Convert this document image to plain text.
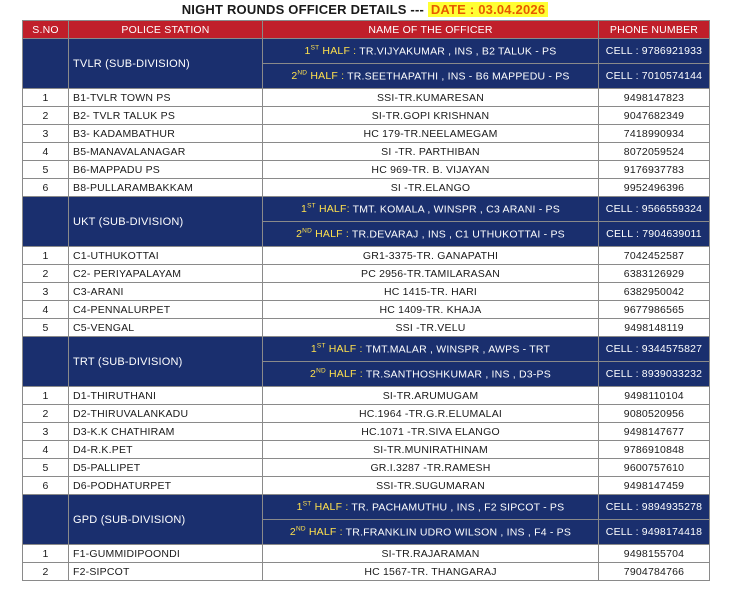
NIGHT ROUNDS OFFICER DETAILS --- DATE : 03.04.2026
S.NO	POLICE STATION	NAME OF THE OFFICER	PHONE NUMBER
	TVLR (SUB-DIVISION)	1ST HALF : TR.VIJYAKUMAR , INS , B2 TALUK - PS	CELL : 9786921933
		2ND HALF : TR.SEETHAPATHI , INS - B6 MAPPEDU - PS	CELL : 7010574144
1	B1-TVLR TOWN PS	SSI-TR.KUMARESAN	9498147823
2	B2- TVLR TALUK PS	SI-TR.GOPI KRISHNAN	9047682349
3	B3- KADAMBATHUR	HC 179-TR.NEELAMEGAM	7418990934
4	B5-MANAVALANAGAR	SI -TR. PARTHIBAN	8072059524
5	B6-MAPPADU PS	HC 969-TR. B. VIJAYAN	9176937783
6	B8-PULLARAMBAKKAM	SI -TR.ELANGO	9952496396
	UKT (SUB-DIVISION)	1ST HALF: TMT. KOMALA , WINSPR , C3 ARANI - PS	CELL : 9566559324
		2ND HALF : TR.DEVARAJ , INS , C1 UTHUKOTTAI - PS	CELL : 7904639011
1	C1-UTHUKOTTAI	GR1-3375-TR. GANAPATHI	7042452587
2	C2- PERIYAPALAYAM	PC 2956-TR.TAMILARASAN	6383126929
3	C3-ARANI	HC 1415-TR. HARI	6382950042
4	C4-PENNALURPET	HC 1409-TR. KHAJA	9677986565
5	C5-VENGAL	SSI -TR.VELU	9498148119
	TRT (SUB-DIVISION)	1ST HALF : TMT.MALAR , WINSPR , AWPS - TRT	CELL : 9344575827
		2ND HALF : TR.SANTHOSHKUMAR , INS , D3-PS	CELL : 8939033232
1	D1-THIRUTHANI	SI-TR.ARUMUGAM	9498110104
2	D2-THIRUVALANKADU	HC.1964 -TR.G.R.ELUMALAI	9080520956
3	D3-K.K CHATHIRAM	HC.1071 -TR.SIVA ELANGO	9498147677
4	D4-R.K.PET	SI-TR.MUNIRATHINAM	9786910848
5	D5-PALLIPET	GR.I.3287 -TR.RAMESH	9600757610
6	D6-PODHATURPET	SSI-TR.SUGUMARAN	9498147459
	GPD (SUB-DIVISION)	1ST HALF : TR. PACHAMUTHU , INS , F2 SIPCOT - PS	CELL : 9894935278
		2ND HALF : TR.FRANKLIN UDRO WILSON , INS , F4 - PS	CELL : 9498174418
1	F1-GUMMIDIPOONDI	SI-TR.RAJARAMAN	9498155704
2	F2-SIPCOT	HC 1567-TR. THANGARAJ	7904784766
